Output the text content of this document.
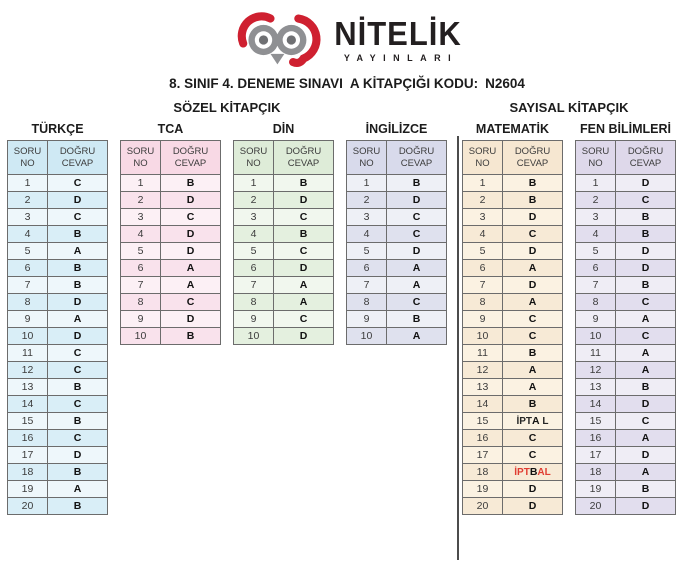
NİTELİK
YAYINLARI
8. SINIF 4. DENEME SINAVI A KİTAPÇIĞI KODU: N2604
SÖZEL KİTAPÇIK
TÜRKÇE
SORU
NO

DOĞRU
CEVAP

1	C
2	D
3	C
4	B
5	A
6	B
7	B
8	D
9	A
10	D
11	C
12	C
13	B
14	C
15	B
16	C
17	D
18	B
19	A
20	B
TCA
SORU
NO

DOĞRU
CEVAP

1	B
2	D
3	C
4	D
5	D
6	A
7	A
8	C
9	D
10	B
DİN
SORU
NO

DOĞRU
CEVAP

1	B
2	D
3	C
4	B
5	C
6	D
7	A
8	A
9	C
10	D
İNGİLİZCE
SORU
NO

DOĞRU
CEVAP

1	B
2	D
3	C
4	C
5	D
6	A
7	A
8	C
9	B
10	A
SAYISAL KİTAPÇIK
MATEMATİK
SORU
NO

DOĞRU
CEVAP

1	B
2	B
3	D
4	C
5	D
6	A
7	D
8	A
9	C
10	C
11	B
12	A
13	A
14	B
15	İPTA L
16	C
17	C
18	İPTBAL
19	D
20	D
FEN BİLİMLERİ
SORU
NO

DOĞRU
CEVAP

1	D
2	C
3	B
4	B
5	D
6	D
7	B
8	C
9	A
10	C
11	A
12	A
13	B
14	D
15	C
16	A
17	D
18	A
19	B
20	D
